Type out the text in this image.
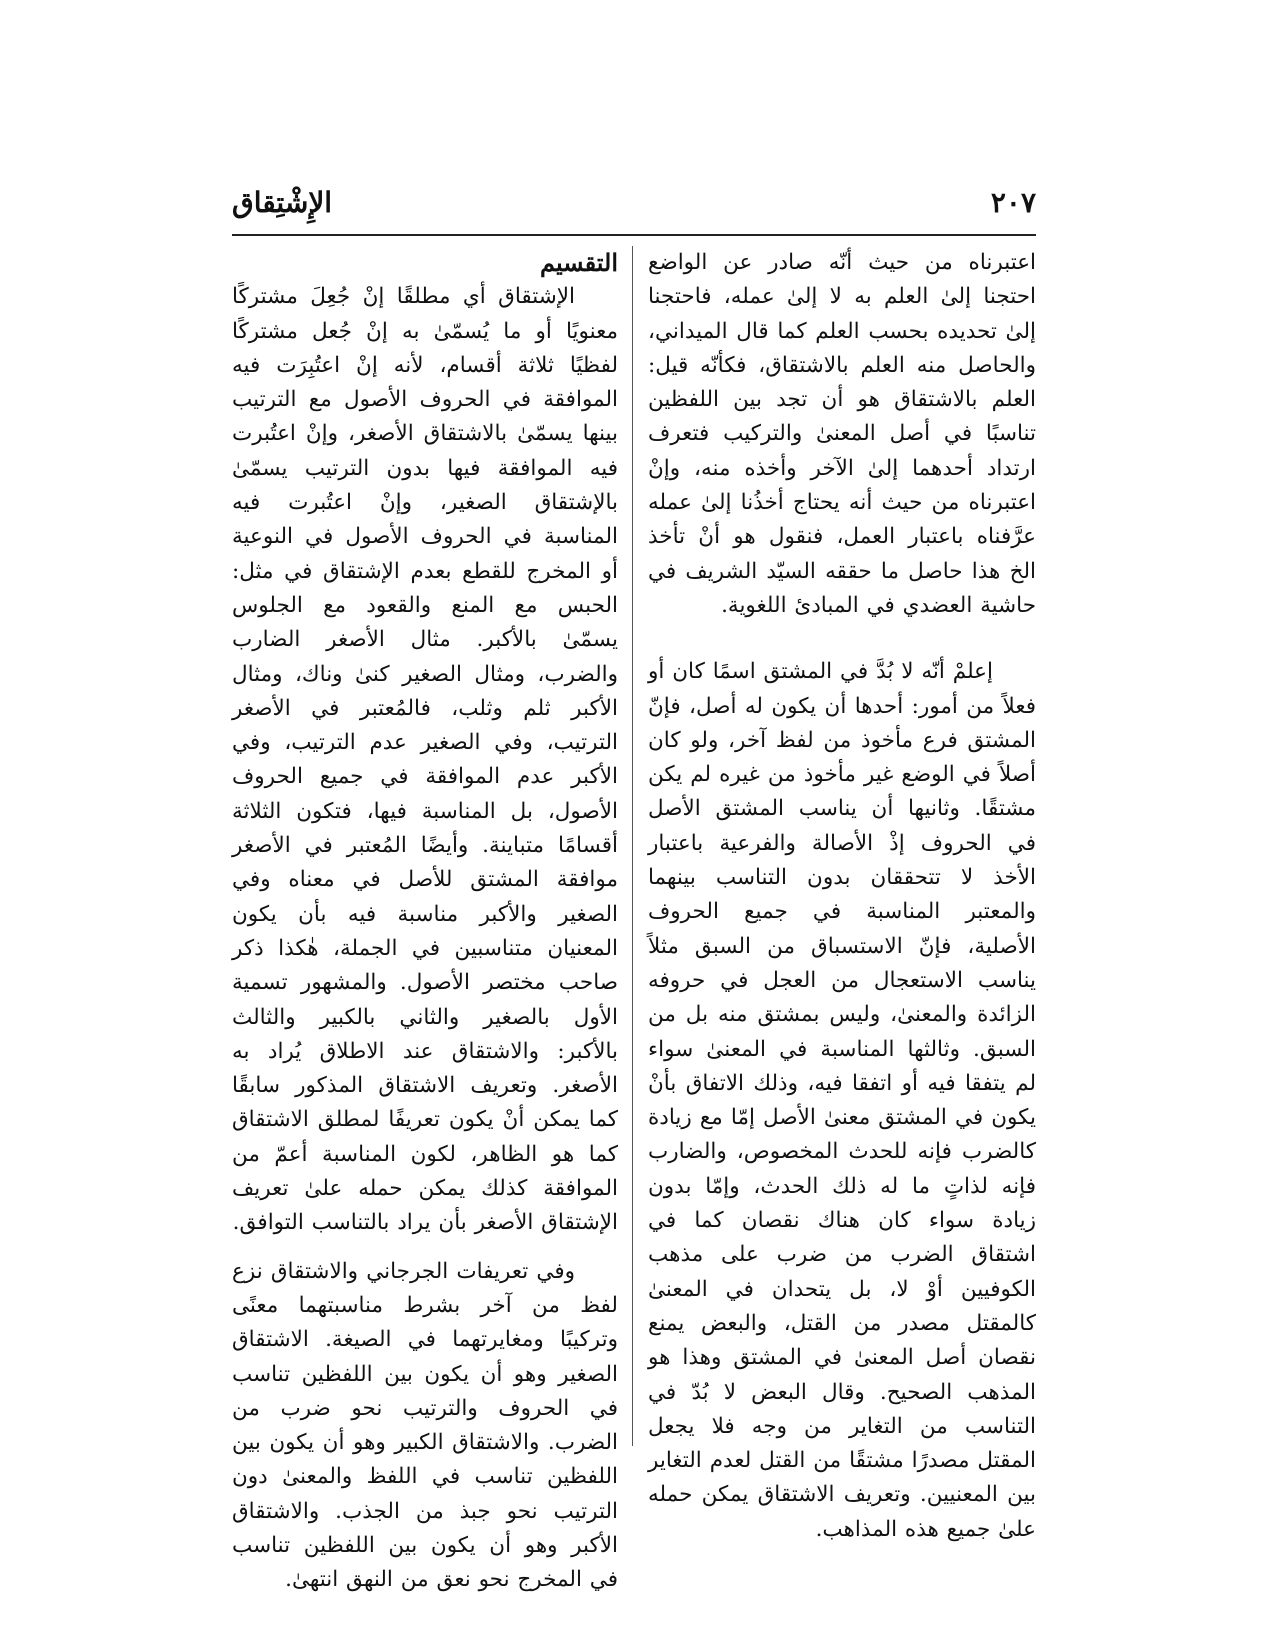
٢٠٧
الإِشْتِقاق

اعتبرناه من حيث أنّه صادر عن الواضع احتجنا إلىٰ العلم به لا إلىٰ عمله، فاحتجنا إلىٰ تحديده بحسب العلم كما قال الميداني، والحاصل منه العلم بالاشتقاق، فكأنّه قيل: العلم بالاشتقاق هو أن تجد بين اللفظين تناسبًا في أصل المعنىٰ والتركيب فتعرف ارتداد أحدهما إلىٰ الآخر وأخذه منه، وإنْ اعتبرناه من حيث أنه يحتاج أخذُنا إلىٰ عمله عرَّفناه باعتبار العمل، فنقول هو أنْ تأخذ الخ هذا حاصل ما حققه السيّد الشريف في حاشية العضدي في المبادئ اللغوية.

إعلمْ أنّه لا بُدَّ في المشتق اسمًا كان أو فعلاً من أمور: أحدها أن يكون له أصل، فإنّ المشتق فرع مأخوذ من لفظ آخر، ولو كان أصلاً في الوضع غير مأخوذ من غيره لم يكن مشتقًا. وثانيها أن يناسب المشتق الأصل في الحروف إذْ الأصالة والفرعية باعتبار الأخذ لا تتحققان بدون التناسب بينهما والمعتبر المناسبة في جميع الحروف الأصلية، فإنّ الاستسباق من السبق مثلاً يناسب الاستعجال من العجل في حروفه الزائدة والمعنىٰ، وليس بمشتق منه بل من السبق. وثالثها المناسبة في المعنىٰ سواء لم يتفقا فيه أو اتفقا فيه، وذلك الاتفاق بأنْ يكون في المشتق معنىٰ الأصل إمّا مع زيادة كالضرب فإنه للحدث المخصوص، والضارب فإنه لذاتٍ ما له ذلك الحدث، وإمّا بدون زيادة سواء كان هناك نقصان كما في اشتقاق الضرب من ضرب على مذهب الكوفيين أوْ لا، بل يتحدان في المعنىٰ كالمقتل مصدر من القتل، والبعض يمنع نقصان أصل المعنىٰ في المشتق وهذا هو المذهب الصحيح. وقال البعض لا بُدّ في التناسب من التغاير من وجه فلا يجعل المقتل مصدرًا مشتقًا من القتل لعدم التغاير بين المعنيين. وتعريف الاشتقاق يمكن حمله علىٰ جميع هذه المذاهب.

التقسيم

الإشتقاق أي مطلقًا إنْ جُعِلَ مشتركًا معنويًا أو ما يُسمّىٰ به إنْ جُعل مشتركًا لفظيًا ثلاثة أقسام، لأنه إنْ اعتُبِرَت فيه الموافقة في الحروف الأصول مع الترتيب بينها يسمّىٰ بالاشتقاق الأصغر، وإنْ اعتُبرت فيه الموافقة فيها بدون الترتيب يسمّىٰ بالإشتقاق الصغير، وإنْ اعتُبرت فيه المناسبة في الحروف الأصول في النوعية أو المخرج للقطع بعدم الإشتقاق في مثل: الحبس مع المنع والقعود مع الجلوس يسمّىٰ بالأكبر. مثال الأصغر الضارب والضرب، ومثال الصغير كنىٰ وناك، ومثال الأكبر ثلم وثلب، فالمُعتبر في الأصغر الترتيب، وفي الصغير عدم الترتيب، وفي الأكبر عدم الموافقة في جميع الحروف الأصول، بل المناسبة فيها، فتكون الثلاثة أقسامًا متباينة. وأيضًا المُعتبر في الأصغر موافقة المشتق للأصل في معناه وفي الصغير والأكبر مناسبة فيه بأن يكون المعنيان متناسبين في الجملة، هٰكذا ذكر صاحب مختصر الأصول. والمشهور تسمية الأول بالصغير والثاني بالكبير والثالث بالأكبر: والاشتقاق عند الاطلاق يُراد به الأصغر. وتعريف الاشتقاق المذكور سابقًا كما يمكن أنْ يكون تعريفًا لمطلق الاشتقاق كما هو الظاهر، لكون المناسبة أعمّ من الموافقة كذلك يمكن حمله علىٰ تعريف الإشتقاق الأصغر بأن يراد بالتناسب التوافق.

وفي تعريفات الجرجاني والاشتقاق نزع لفظ من آخر بشرط مناسبتهما معنًى وتركيبًا ومغايرتهما في الصيغة. الاشتقاق الصغير وهو أن يكون بين اللفظين تناسب في الحروف والترتيب نحو ضرب من الضرب. والاشتقاق الكبير وهو أن يكون بين اللفظين تناسب في اللفظ والمعنىٰ دون الترتيب نحو جبذ من الجذب. والاشتقاق الأكبر وهو أن يكون بين اللفظين تناسب في المخرج نحو نعق من النهق انتهىٰ.
